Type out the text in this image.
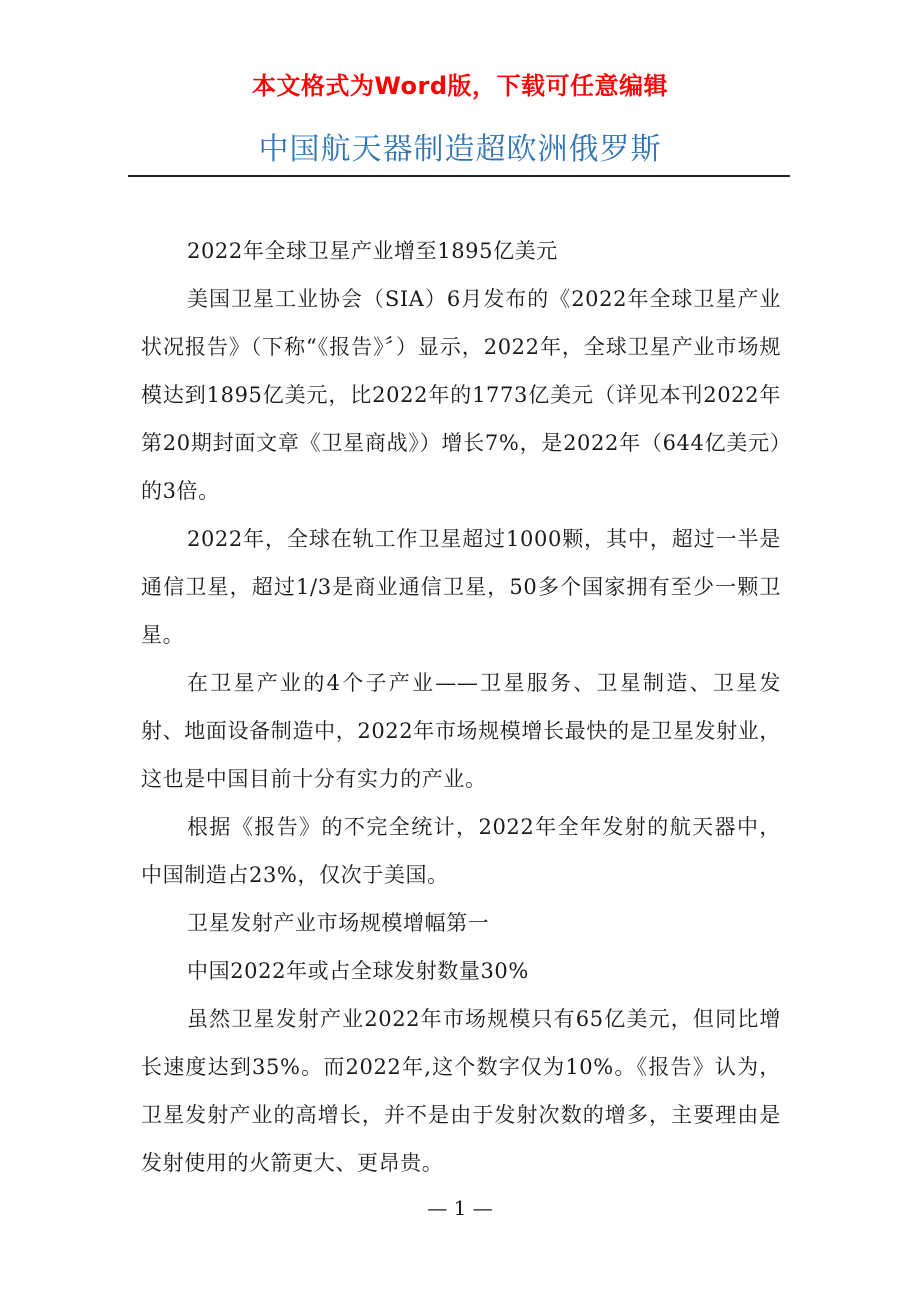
本文格式为Word版，下载可任意编辑
中国航天器制造超欧洲俄罗斯

2022年全球卫星产业增至1895亿美元

美国卫星工业协会（SIA）6月发布的《2022年全球卫星产业状况报告》（下称“《报告》〞）显示，2022年，全球卫星产业市场规模达到1895亿美元，比2022年的1773亿美元（详见本刊2022年第20期封面文章《卫星商战》）增长7%，是2022年（644亿美元）的3倍。

2022年，全球在轨工作卫星超过1000颗，其中，超过一半是通信卫星，超过1/3是商业通信卫星，50多个国家拥有至少一颗卫星。

在卫星产业的4个子产业——卫星服务、卫星制造、卫星发射、地面设备制造中，2022年市场规模增长最快的是卫星发射业，这也是中国目前十分有实力的产业。

根据《报告》的不完全统计，2022年全年发射的航天器中，中国制造占23%，仅次于美国。

卫星发射产业市场规模增幅第一

中国2022年或占全球发射数量30%

虽然卫星发射产业2022年市场规模只有65亿美元，但同比增长速度达到35%。而2022年,这个数字仅为10%。《报告》认为，卫星发射产业的高增长，并不是由于发射次数的增多，主要理由是发射使用的火箭更大、更昂贵。

— 1 —
